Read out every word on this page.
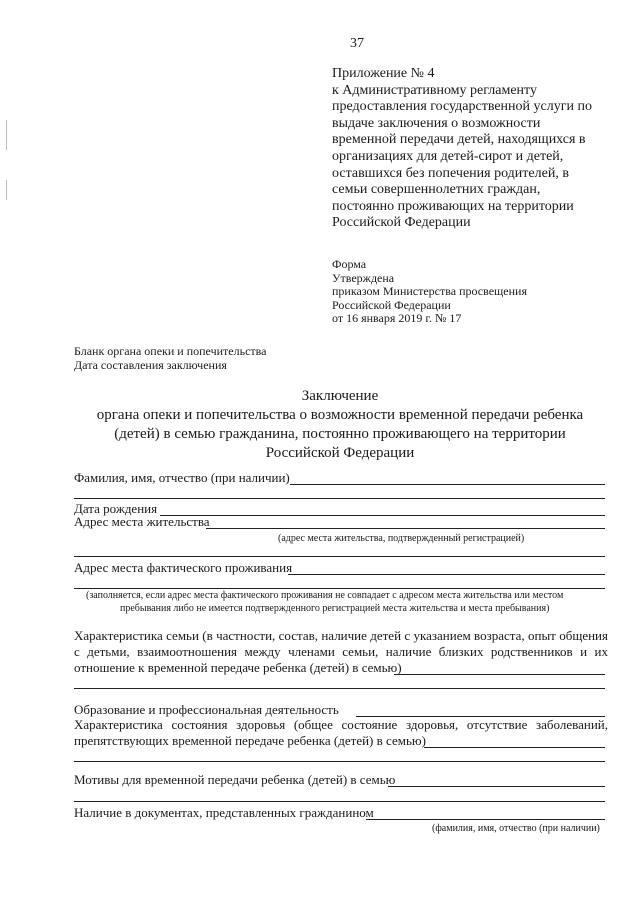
37
Приложение № 4
к Административному регламенту
предоставления государственной услуги по
выдаче заключения о возможности
временной передачи детей, находящихся в
организациях для детей-сирот и детей,
оставшихся без попечения родителей, в
семьи совершеннолетних граждан,
постоянно проживающих на территории
Российской Федерации
Форма
Утверждена
приказом Министерства просвещения
Российской Федерации
от 16 января 2019 г. № 17
Бланк органа опеки и попечительства
Дата составления заключения
Заключение
органа опеки и попечительства о возможности временной передачи ребенка
(детей) в семью гражданина, постоянно проживающего на территории
Российской Федерации
Фамилия, имя, отчество (при наличии)
Дата рождения
Адрес места жительства
(адрес места жительства, подтвержденный регистрацией)
Адрес места фактического проживания
(заполняется, если адрес места фактического проживания не совпадает с адресом места жительства или местом
пребывания либо не имеется подтвержденного регистрацией места жительства и места пребывания)
Характеристика семьи (в частности, состав, наличие детей с указанием возраста, опыт общения с детьми, взаимоотношения между членами семьи, наличие близких родственников и их отношение к временной передаче ребенка (детей) в семью)
Образование и профессиональная деятельность
Характеристика состояния здоровья (общее состояние здоровья, отсутствие заболеваний, препятствующих временной передаче ребенка (детей) в семью)
Мотивы для временной передачи ребенка (детей) в семью
Наличие в документах, представленных гражданином
(фамилия, имя, отчество (при наличии)
